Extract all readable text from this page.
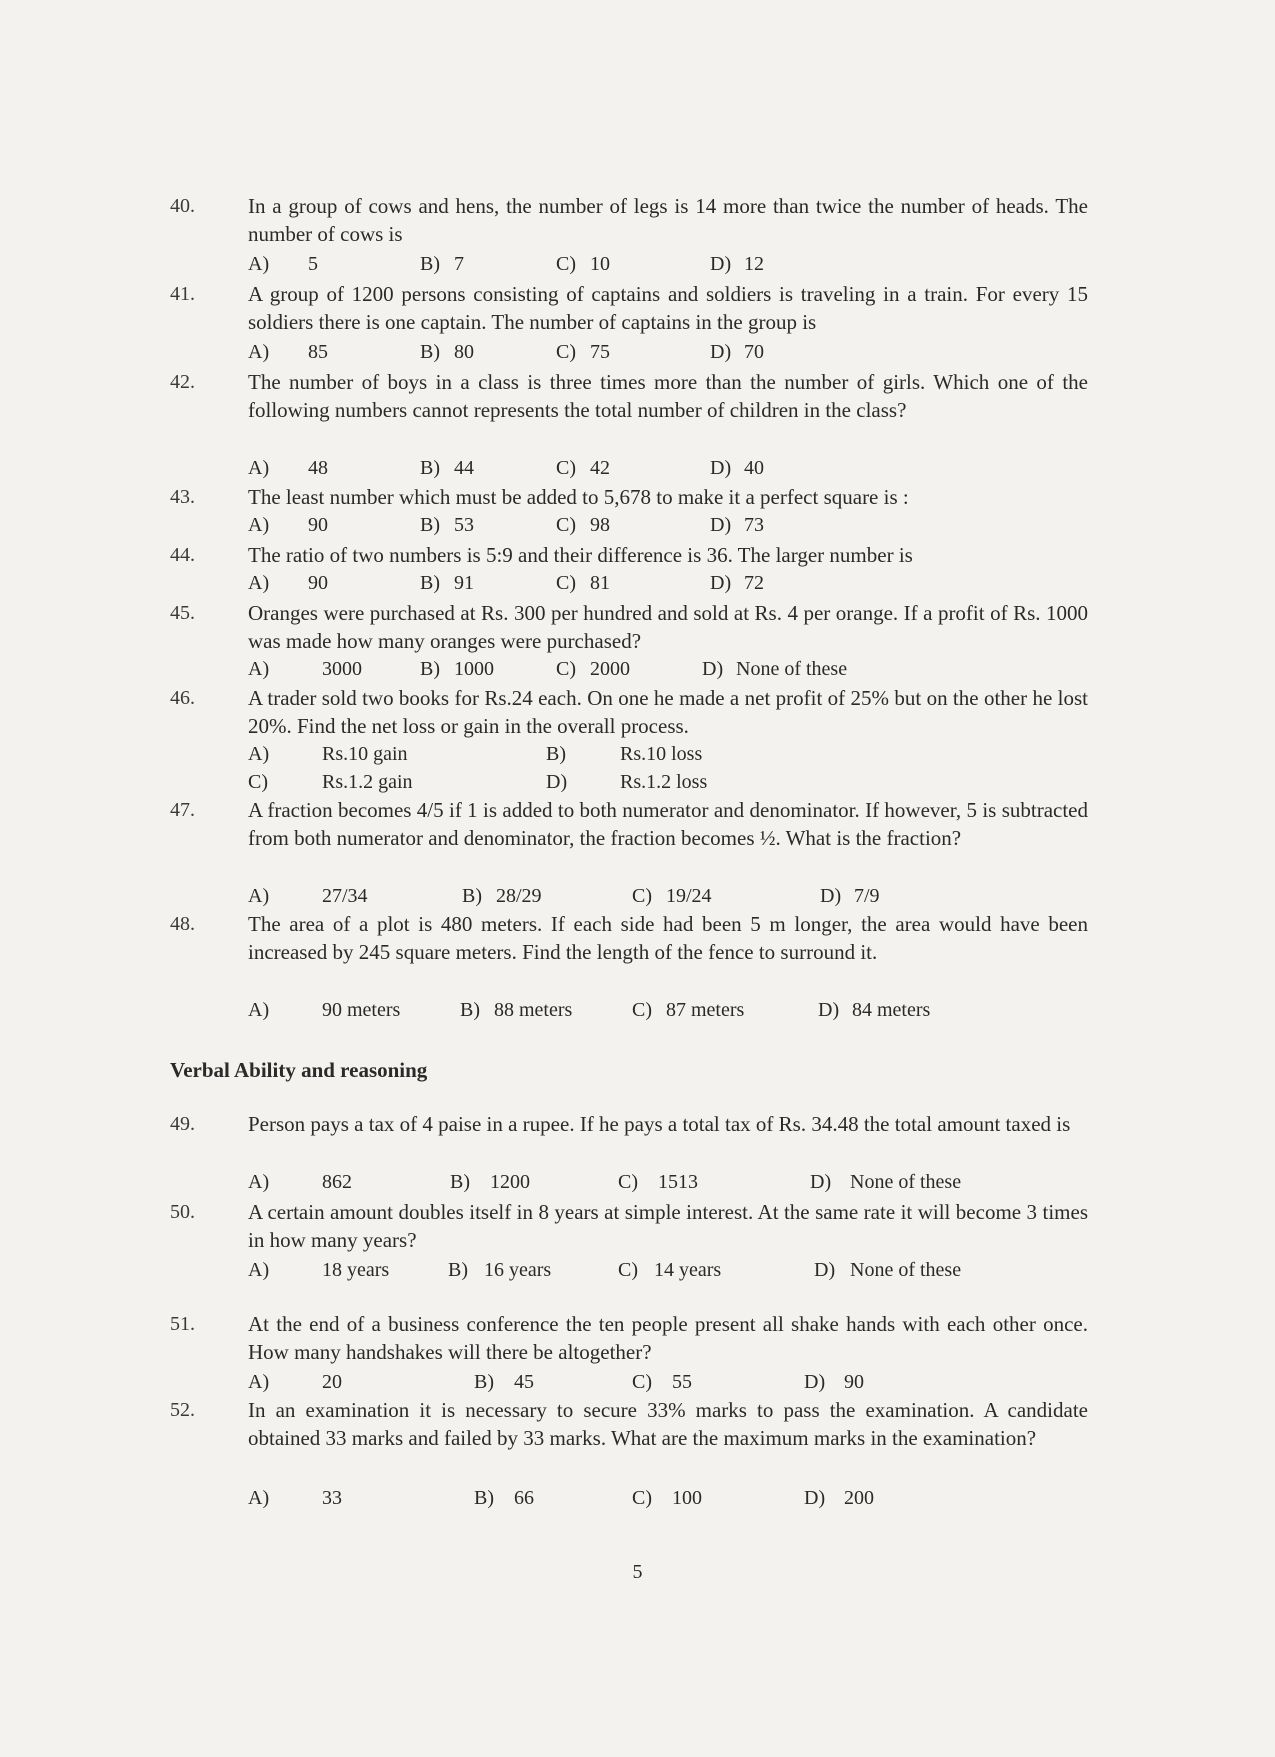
40.	In a group of cows and hens, the number of legs is 14 more than twice the number of heads. The number of cows is
A) 5	B) 7	C) 10	D) 12
41.	A group of 1200 persons consisting of captains and soldiers is traveling in a train. For every 15 soldiers there is one captain. The number of captains in the group is
A) 85	B) 80	C) 75	D) 70
42.	The number of boys in a class is three times more than the number of girls. Which one of the following numbers cannot represents the total number of children in the class?
A) 48	B) 44	C) 42	D) 40
43.	The least number which must be added to 5,678 to make it a perfect square is :
A) 90	B) 53	C) 98	D) 73
44.	The ratio of two numbers is 5:9 and their difference is 36. The larger number is
A) 90	B) 91	C) 81	D) 72
45.	Oranges were purchased at Rs. 300 per hundred and sold at Rs. 4 per orange. If a profit of Rs. 1000 was made how many oranges were purchased?
A)	3000	B) 1000	C) 2000	D) None of these
46.	A trader sold two books for Rs.24 each. On one he made a net profit of 25% but on the other he lost 20%. Find the net loss or gain in the overall process.
A)	Rs.10 gain	B)	Rs.10 loss
C)	Rs.1.2 gain	D)	Rs.1.2 loss
47.	A fraction becomes 4/5 if 1 is added to both numerator and denominator. If however, 5 is subtracted from both numerator and denominator, the fraction becomes ½. What is the fraction?
A)	27/34	B) 28/29	C) 19/24	D) 7/9
48.	The area of a plot is 480 meters. If each side had been 5 m longer, the area would have been increased by 245 square meters. Find the length of the fence to surround it.
A)	90 meters	B) 88 meters	C) 87 meters	D) 84 meters
Verbal Ability and reasoning
49.	Person pays a tax of 4 paise in a rupee. If he pays a total tax of Rs. 34.48 the total amount taxed is
A)	862	B) 1200	C) 1513	D) None of these
50.	A certain amount doubles itself in 8 years at simple interest. At the same rate it will become 3 times in how many years?
A)	18 years	B) 16 years	C) 14 years	D) None of these
51.	At the end of a business conference the ten people present all shake hands with each other once. How many handshakes will there be altogether?
A)	20	B) 45	C) 55	D) 90
52.	In an examination it is necessary to secure 33% marks to pass the examination. A candidate obtained 33 marks and failed by 33 marks. What are the maximum marks in the examination?
A)	33	B) 66	C) 100	D) 200
5
